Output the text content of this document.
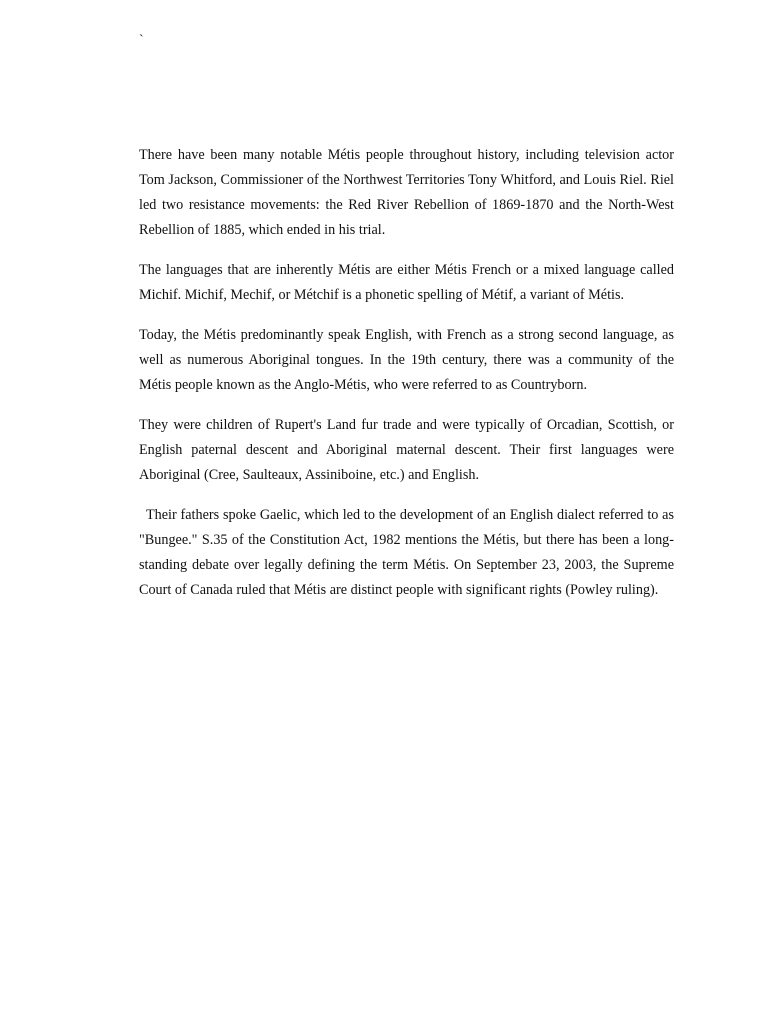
`

There have been many notable Métis people throughout history, including television actor Tom Jackson, Commissioner of the Northwest Territories Tony Whitford, and Louis Riel. Riel led two resistance movements: the Red River Rebellion of 1869-1870 and the North-West Rebellion of 1885, which ended in his trial.

The languages that are inherently Métis are either Métis French or a mixed language called Michif. Michif, Mechif, or Métchif is a phonetic spelling of Métif, a variant of Métis.

Today, the Métis predominantly speak English, with French as a strong second language, as well as numerous Aboriginal tongues. In the 19th century, there was a community of the Métis people known as the Anglo-Métis, who were referred to as Countryborn.

They were children of Rupert's Land fur trade and were typically of Orcadian, Scottish, or English paternal descent and Aboriginal maternal descent. Their first languages were Aboriginal (Cree, Saulteaux, Assiniboine, etc.) and English.

Their fathers spoke Gaelic, which led to the development of an English dialect referred to as "Bungee." S.35 of the Constitution Act, 1982 mentions the Métis, but there has been a long-standing debate over legally defining the term Métis. On September 23, 2003, the Supreme Court of Canada ruled that Métis are distinct people with significant rights (Powley ruling).
